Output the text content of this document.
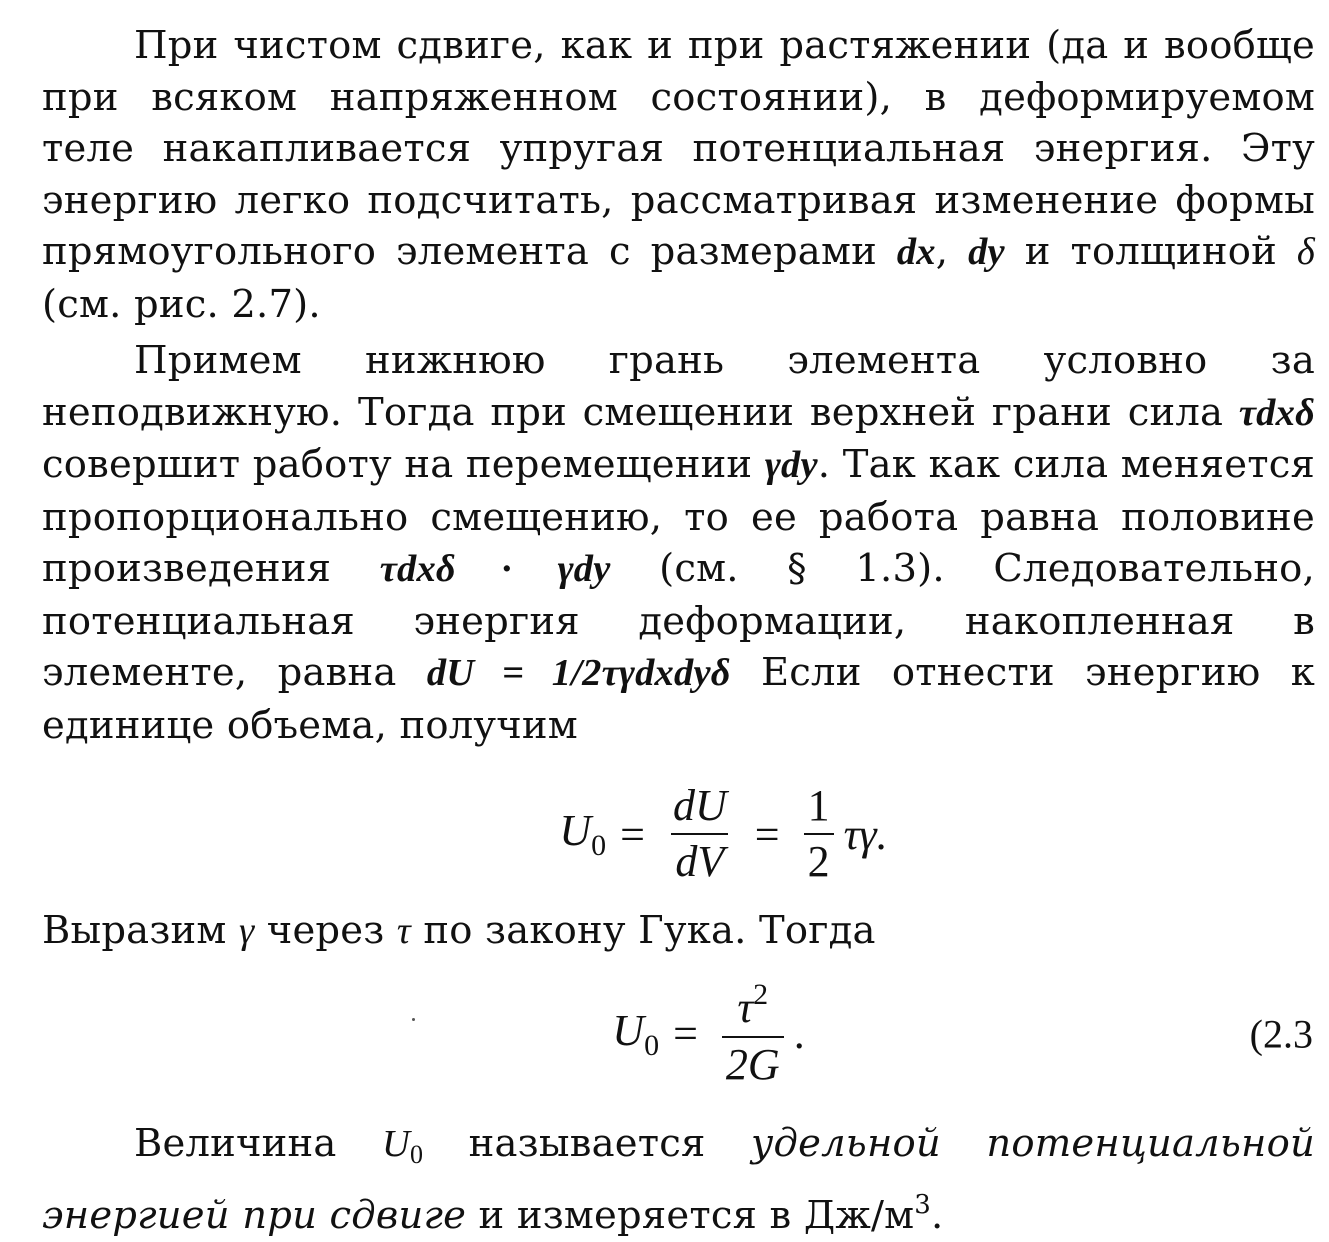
При чистом сдвиге, как и при растяжении (да и вообще при всяком напряженном состоянии), в деформируемом теле накапливается упругая потенциальная энергия. Эту энергию легко подсчитать, рассматривая изменение формы прямоугольного элемента с размерами dx, dy и толщиной δ (см. рис. 2.7).

Примем нижнюю грань элемента условно за неподвижную. Тогда при смещении верхней грани сила τdxδ совершит работу на перемещении γdy. Так как сила меняется пропорционально смещению, то ее работа равна половине произведения τdxδ · γdy (см. § 1.3). Следовательно, потенциальная энергия деформации, накопленная в элементе, равна dU = 1/2τγdxdyδ Если отнести энергию к единице объема, получим

$U_0 = \frac{dU}{dV} = \frac{1}{2} \tau\gamma$.

Выразим γ через τ по закону Гука. Тогда

$U_0 = \frac{\tau^2}{2G}$ .	(2.3

Величина U0 называется удельной потенциальной энергией при сдвиге и измеряется в $Дж/м^3$.
